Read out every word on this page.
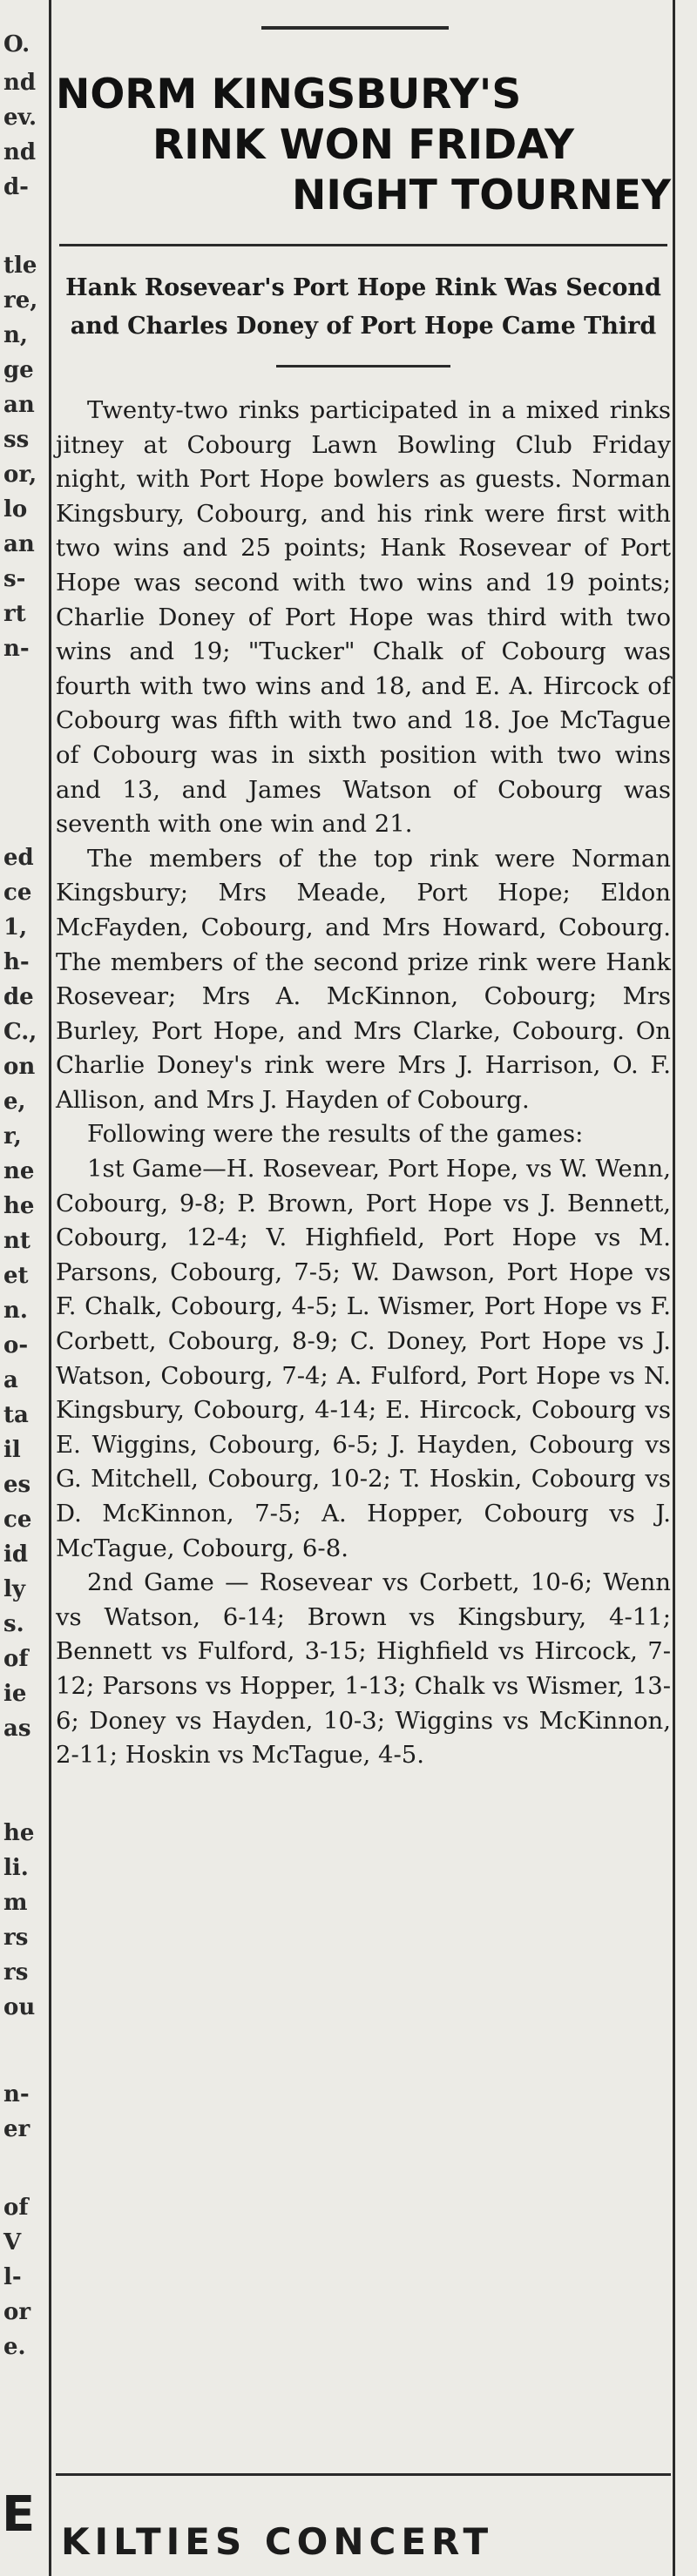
O.
nd
ev.
nd
d-
tle
re,
n,
ge
an
ss
or,
lo
an
s-
rt
n-
ed
ce
1,
h-
de
C.,
on
e,
r,
ne
he
nt
et
n.
o-
a
ta
il
es
ce
id
ly
s.
of
ie
as
he
li.
m
rs
rs
ou
n-
er
of
V
l-
or
e.
E
NORM KINGSBURY'S
RINK WON FRIDAY
NIGHT TOURNEY
Hank Rosevear's Port Hope Rink Was Second and Charles Doney of Port Hope Came Third

Twenty-two rinks participated in a mixed rinks jitney at Cobourg Lawn Bowling Club Friday night, with Port Hope bowlers as guests. Norman Kingsbury, Cobourg, and his rink were first with two wins and 25 points; Hank Rosevear of Port Hope was second with two wins and 19 points; Charlie Doney of Port Hope was third with two wins and 19; "Tucker" Chalk of Cobourg was fourth with two wins and 18, and E. A. Hircock of Cobourg was fifth with two and 18. Joe McTague of Cobourg was in sixth position with two wins and 13, and James Watson of Cobourg was seventh with one win and 21.

The members of the top rink were Norman Kingsbury; Mrs Meade, Port Hope; Eldon McFayden, Cobourg, and Mrs Howard, Cobourg. The members of the second prize rink were Hank Rosevear; Mrs A. McKinnon, Cobourg; Mrs Burley, Port Hope, and Mrs Clarke, Cobourg. On Charlie Doney's rink were Mrs J. Harrison, O. F. Allison, and Mrs J. Hayden of Cobourg.

Following were the results of the games:

1st Game—H. Rosevear, Port Hope, vs W. Wenn, Cobourg, 9-8; P. Brown, Port Hope vs J. Bennett, Cobourg, 12-4; V. Highfield, Port Hope vs M. Parsons, Cobourg, 7-5; W. Dawson, Port Hope vs F. Chalk, Cobourg, 4-5; L. Wismer, Port Hope vs F. Corbett, Cobourg, 8-9; C. Doney, Port Hope vs J. Watson, Cobourg, 7-4; A. Fulford, Port Hope vs N. Kingsbury, Cobourg, 4-14; E. Hircock, Cobourg vs E. Wiggins, Cobourg, 6-5; J. Hayden, Cobourg vs G. Mitchell, Cobourg, 10-2; T. Hoskin, Cobourg vs D. McKinnon, 7-5; A. Hopper, Cobourg vs J. McTague, Cobourg, 6-8.

2nd Game — Rosevear vs Corbett, 10-6; Wenn vs Watson, 6-14; Brown vs Kingsbury, 4-11; Bennett vs Fulford, 3-15; Highfield vs Hircock, 7-12; Parsons vs Hopper, 1-13; Chalk vs Wismer, 13-6; Doney vs Hayden, 10-3; Wiggins vs McKinnon, 2-11; Hoskin vs McTague, 4-5.

KILTIES CONCERT
